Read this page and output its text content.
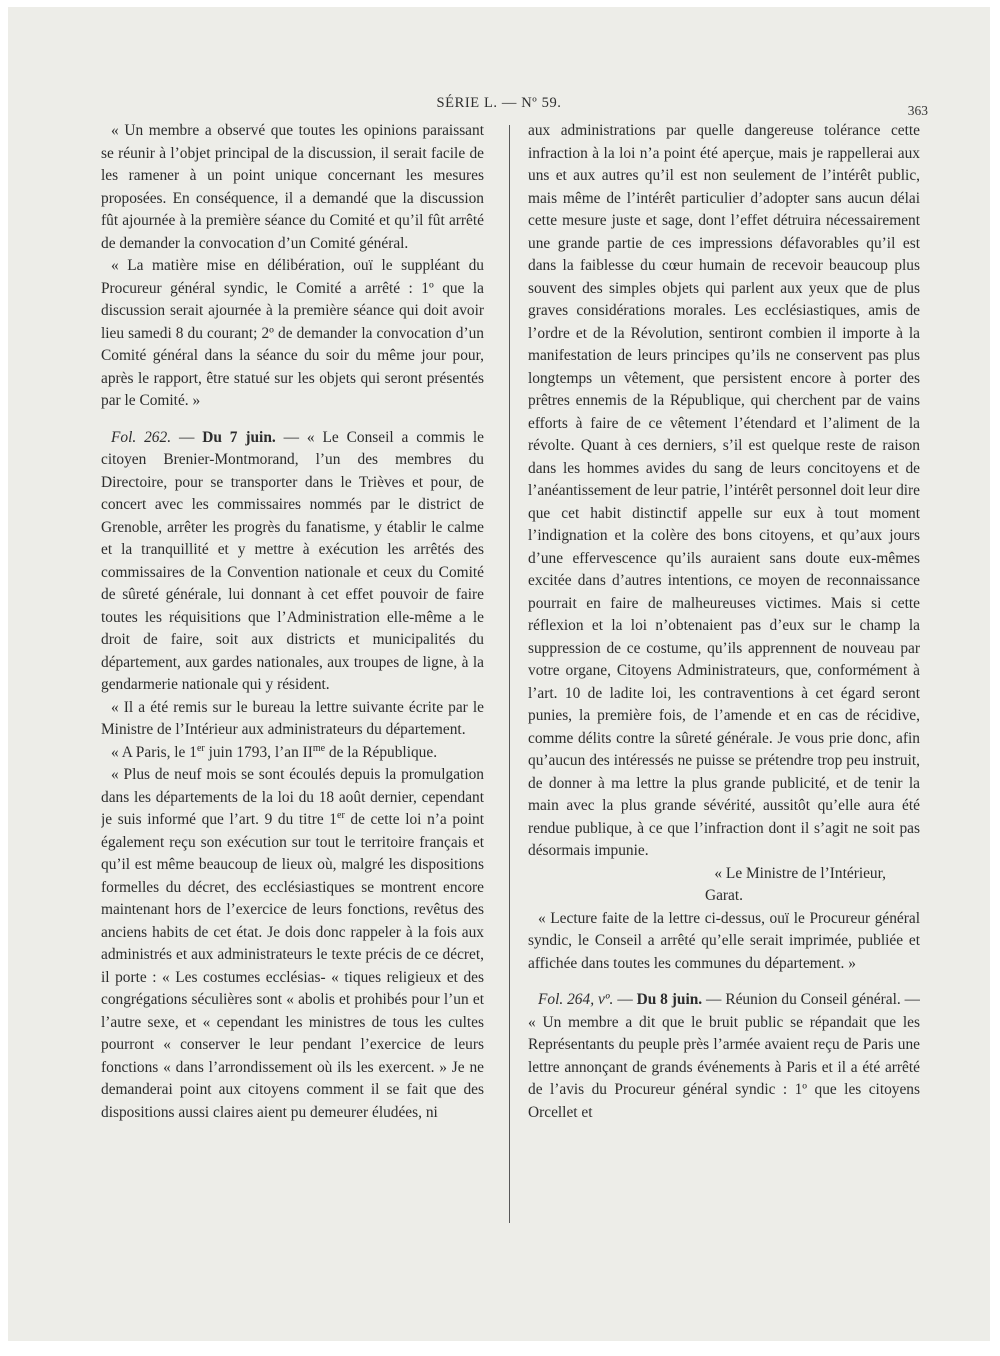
SÉRIE L. — Nº 59.	363

« Un membre a observé que toutes les opinions paraissant se réunir à l’objet principal de la discussion, il serait facile de les ramener à un point unique concernant les mesures proposées. En conséquence, il a demandé que la discussion fût ajournée à la première séance du Comité et qu’il fût arrêté de demander la convocation d’un Comité général.

« La matière mise en délibération, ouï le suppléant du Procureur général syndic, le Comité a arrêté : 1º que la discussion serait ajournée à la première séance qui doit avoir lieu samedi 8 du courant; 2º de demander la convocation d’un Comité général dans la séance du soir du même jour pour, après le rapport, être statué sur les objets qui seront présentés par le Comité. »

Fol. 262. — Du 7 juin. — « Le Conseil a commis le citoyen Brenier-Montmorand, l’un des membres du Directoire, pour se transporter dans le Trièves et pour, de concert avec les commissaires nommés par le district de Grenoble, arrêter les progrès du fanatisme, y établir le calme et la tranquillité et y mettre à exécution les arrêtés des commissaires de la Convention nationale et ceux du Comité de sûreté générale, lui donnant à cet effet pouvoir de faire toutes les réquisitions que l’Administration elle-même a le droit de faire, soit aux districts et municipalités du département, aux gardes nationales, aux troupes de ligne, à la gendarmerie nationale qui y résident.

« Il a été remis sur le bureau la lettre suivante écrite par le Ministre de l’Intérieur aux administrateurs du département.

« A Paris, le 1er juin 1793, l’an $II^{me}$ de la République.

« Plus de neuf mois se sont écoulés depuis la promulgation dans les départements de la loi du 18 août dernier, cependant je suis informé que l’art. 9 du titre 1er de cette loi n’a point également reçu son exécution sur tout le territoire français et qu’il est même beaucoup de lieux où, malgré les dispositions formelles du décret, des ecclésiastiques se montrent encore maintenant hors de l’exercice de leurs fonctions, revêtus des anciens habits de cet état. Je dois donc rappeler à la fois aux administrés et aux administrateurs le texte précis de ce décret, il porte : « Les costumes ecclésias- « tiques religieux et des congrégations séculières sont « abolis et prohibés pour l’un et l’autre sexe, et « cependant les ministres de tous les cultes pourront « conserver le leur pendant l’exercice de leurs fonctions « dans l’arrondissement où ils les exercent. » Je ne demanderai point aux citoyens comment il se fait que des dispositions aussi claires aient pu demeurer éludées, ni

aux administrations par quelle dangereuse tolérance cette infraction à la loi n’a point été aperçue, mais je rappellerai aux uns et aux autres qu’il est non seulement de l’intérêt public, mais même de l’intérêt particulier d’adopter sans aucun délai cette mesure juste et sage, dont l’effet détruira nécessairement une grande partie de ces impressions défavorables qu’il est dans la faiblesse du cœur humain de recevoir beaucoup plus souvent des simples objets qui parlent aux yeux que de plus graves considérations morales. Les ecclésiastiques, amis de l’ordre et de la Révolution, sentiront combien il importe à la manifestation de leurs principes qu’ils ne conservent pas plus longtemps un vêtement, que persistent encore à porter des prêtres ennemis de la République, qui cherchent par de vains efforts à faire de ce vêtement l’étendard et l’aliment de la révolte. Quant à ces derniers, s’il est quelque reste de raison dans les hommes avides du sang de leurs concitoyens et de l’anéantissement de leur patrie, l’intérêt personnel doit leur dire que cet habit distinctif appelle sur eux à tout moment l’indignation et la colère des bons citoyens, et qu’aux jours d’une effervescence qu’ils auraient sans doute eux-mêmes excitée dans d’autres intentions, ce moyen de reconnaissance pourrait en faire de malheureuses victimes. Mais si cette réflexion et la loi n’obtenaient pas d’eux sur le champ la suppression de ce costume, qu’ils apprennent de nouveau par votre organe, Citoyens Administrateurs, que, conformément à l’art. 10 de ladite loi, les contraventions à cet égard seront punies, la première fois, de l’amende et en cas de récidive, comme délits contre la sûreté générale. Je vous prie donc, afin qu’aucun des intéressés ne puisse se prétendre trop peu instruit, de donner à ma lettre la plus grande publicité, et de tenir la main avec la plus grande sévérité, aussitôt qu’elle aura été rendue publique, à ce que l’infraction dont il s’agit ne soit pas désormais impunie.

« Le Ministre de l’Intérieur,

Garat.

« Lecture faite de la lettre ci-dessus, ouï le Procureur général syndic, le Conseil a arrêté qu’elle serait imprimée, publiée et affichée dans toutes les communes du département. »

Fol. 264, vº. — Du 8 juin. — Réunion du Conseil général. — « Un membre a dit que le bruit public se répandait que les Représentants du peuple près l’armée avaient reçu de Paris une lettre annonçant de grands événements à Paris et il a été arrêté de l’avis du Procureur général syndic : 1º que les citoyens Orcellet et
